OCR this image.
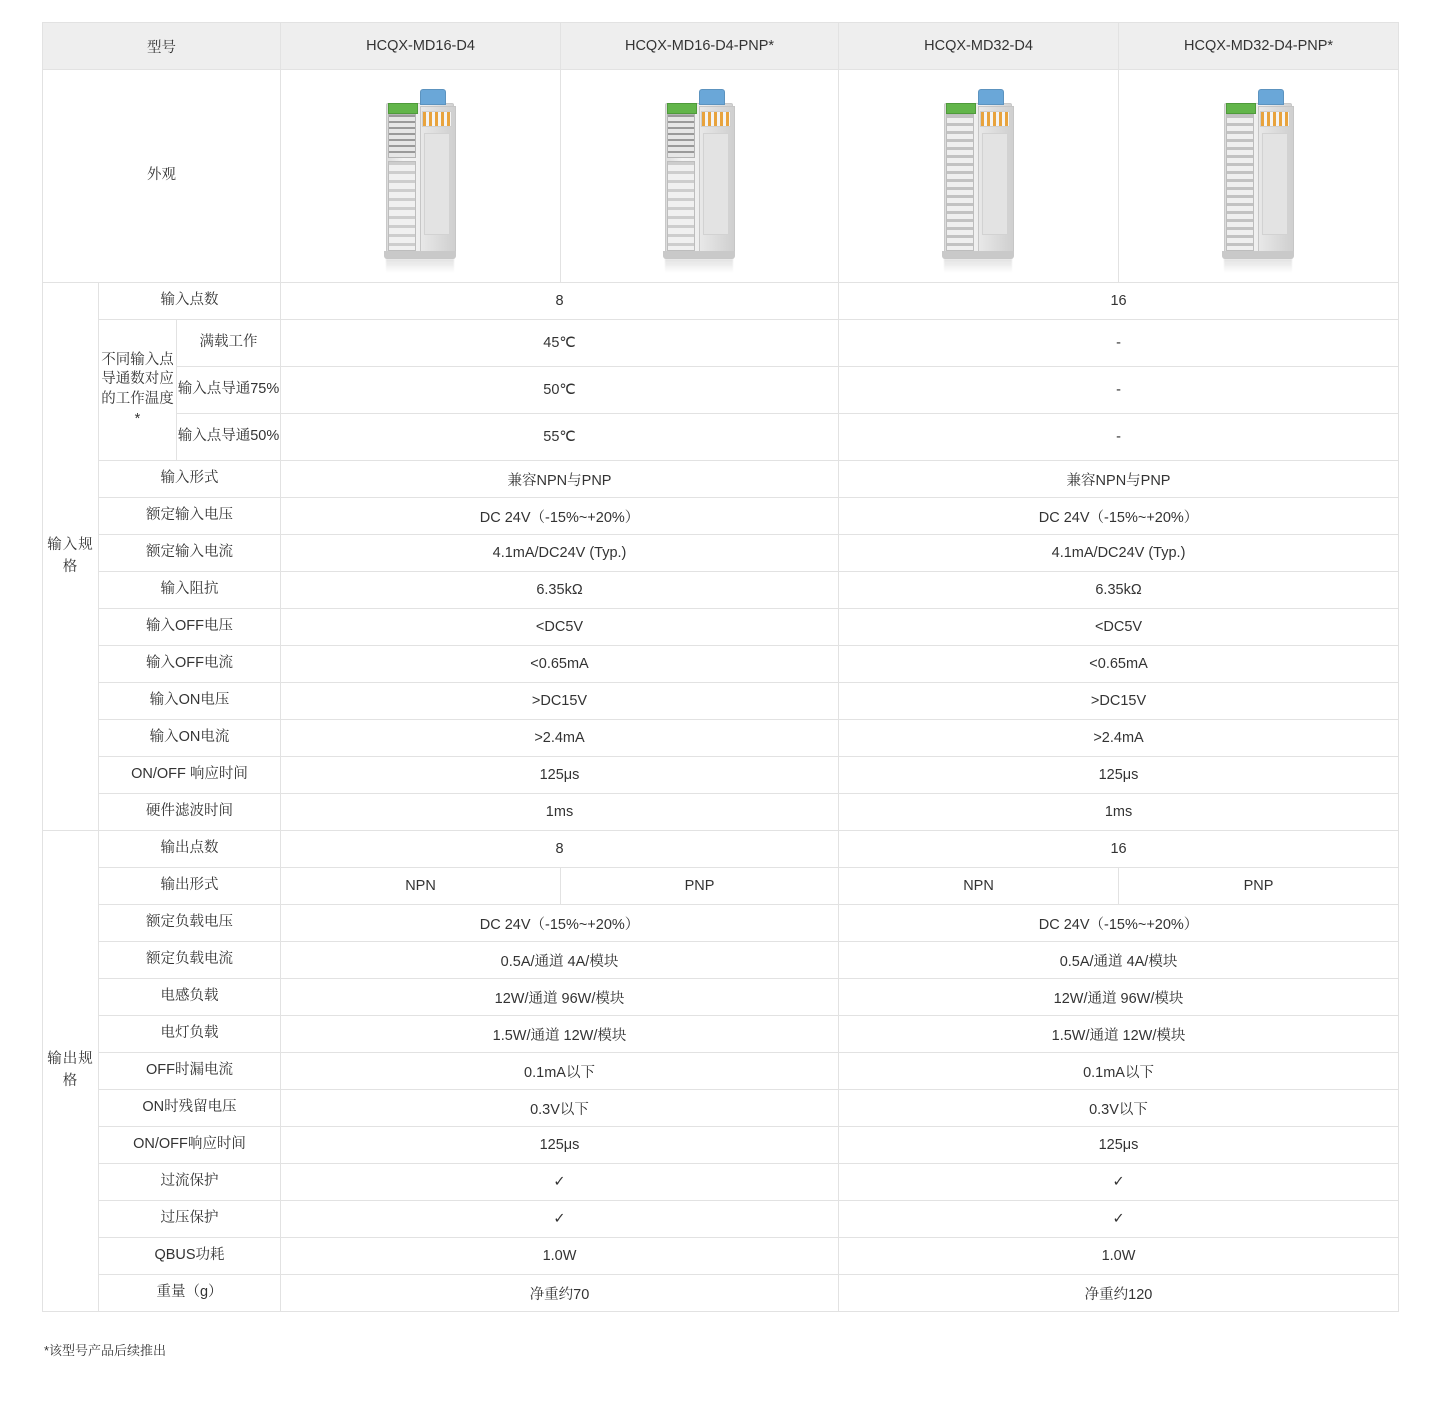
型号			HCQX-MD16-D4	HCQX-MD16-D4-PNP*	HCQX-MD32-D4	HCQX-MD32-D4-PNP*
外观			

输入规格	输入点数		8		16	
	不同输入点导通数对应的工作温度*	满载工作	45℃		-	
		输入点导通75%	50℃		-	
		输入点导通50%	55℃		-	
	输入形式		兼容NPN与PNP		兼容NPN与PNP	
	额定输入电压		DC 24V（-15%~+20%）		DC 24V（-15%~+20%）	
	额定输入电流		4.1mA/DC24V (Typ.)		4.1mA/DC24V (Typ.)	
	输入阻抗		6.35kΩ		6.35kΩ	
	输入OFF电压		<DC5V		<DC5V	
	输入OFF电流		<0.65mA		<0.65mA	
	输入ON电压		>DC15V		>DC15V	
	输入ON电流		>2.4mA		>2.4mA	
	ON/OFF 响应时间		125μs		125μs	
	硬件滤波时间		1ms		1ms	

输出规格	输出点数		8		16	
	输出形式		NPN	PNP	NPN	PNP
	额定负载电压		DC 24V（-15%~+20%）		DC 24V（-15%~+20%）	
	额定负载电流		0.5A/通道 4A/模块		0.5A/通道 4A/模块	
	电感负载		12W/通道 96W/模块		12W/通道 96W/模块	
	电灯负载		1.5W/通道 12W/模块		1.5W/通道 12W/模块	
	OFF时漏电流		0.1mA以下		0.1mA以下	
	ON时残留电压		0.3V以下		0.3V以下	
	ON/OFF响应时间		125μs		125μs	
	过流保护		✓		✓	
	过压保护		✓		✓	
	QBUS功耗		1.0W		1.0W	
	重量（g）		净重约70		净重约120	
*该型号产品后续推出
